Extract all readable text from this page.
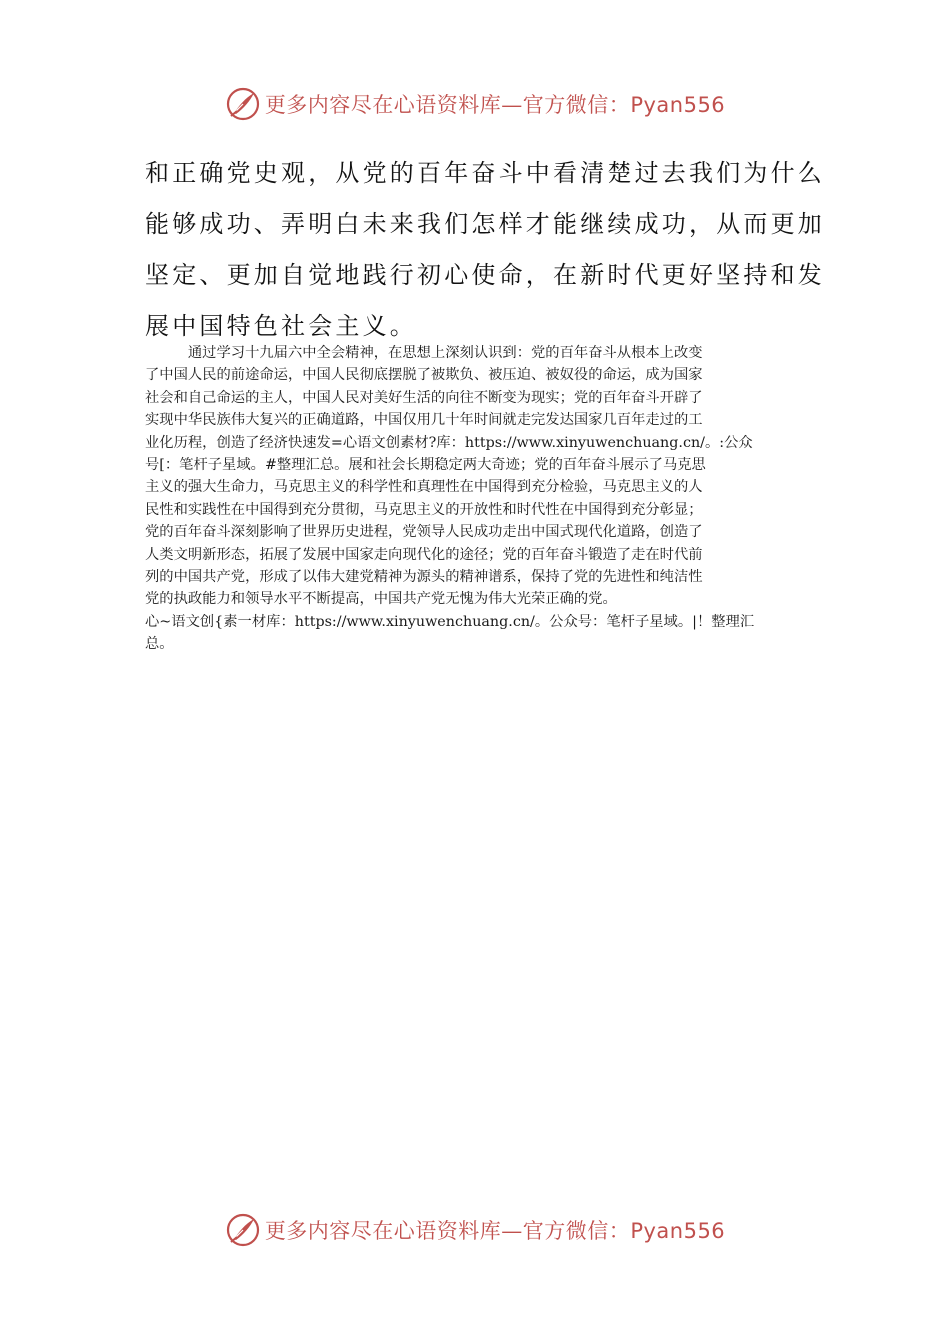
更多内容尽在心语资料库—官方微信：Pyan556

和正确党史观，从党的百年奋斗中看清楚过去我们为什么

能够成功、弄明白未来我们怎样才能继续成功，从而更加

坚定、更加自觉地践行初心使命，在新时代更好坚持和发

展中国特色社会主义。

　　　通过学习十九届六中全会精神，在思想上深刻认识到：党的百年奋斗从根本上改变

了中国人民的前途命运，中国人民彻底摆脱了被欺负、被压迫、被奴役的命运，成为国家

社会和自己命运的主人，中国人民对美好生活的向往不断变为现实；党的百年奋斗开辟了

实现中华民族伟大复兴的正确道路，中国仅用几十年时间就走完发达国家几百年走过的工

业化历程，创造了经济快速发=心语文创素材?库：https://www.xinyuwenchuang.cn/。:公众

号[：笔杆子星域。#整理汇总。展和社会长期稳定两大奇迹；党的百年奋斗展示了马克思

主义的强大生命力，马克思主义的科学性和真理性在中国得到充分检验，马克思主义的人

民性和实践性在中国得到充分贯彻，马克思主义的开放性和时代性在中国得到充分彰显；

党的百年奋斗深刻影响了世界历史进程，党领导人民成功走出中国式现代化道路，创造了

人类文明新形态，拓展了发展中国家走向现代化的途径；党的百年奋斗锻造了走在时代前

列的中国共产党，形成了以伟大建党精神为源头的精神谱系，保持了党的先进性和纯洁性

党的执政能力和领导水平不断提高，中国共产党无愧为伟大光荣正确的党。

心~语文创{素一材库：https://www.xinyuwenchuang.cn/。公众号：笔杆子星域。|！整理汇

总。

更多内容尽在心语资料库—官方微信：Pyan556
